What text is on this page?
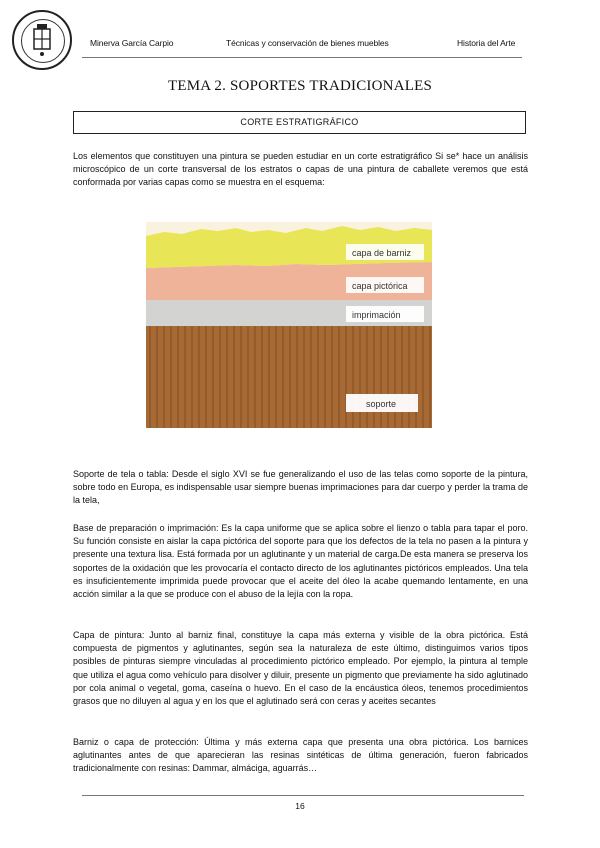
Minerva García Carpio	Técnicas y conservación de bienes muebles	Historia del Arte
TEMA 2. SOPORTES TRADICIONALES
CORTE ESTRATIGRÁFICO
Los elementos que constituyen una pintura se pueden estudiar en un corte estratigráfico Si se* hace un análisis microscópico de un corte transversal de los estratos o capas de una pintura de caballete veremos que está conformada por varias capas como se muestra en el esquema:
capa de barniz
capa pictórica
imprimación
soporte
Soporte de tela o tabla: Desde el siglo XVI se fue generalizando el uso de las telas como soporte de la pintura, sobre todo en Europa, es indispensable usar siempre buenas imprimaciones para dar cuerpo y perder la trama de la tela,
Base de preparación o imprimación: Es la capa uniforme que se aplica sobre el lienzo o tabla para tapar el poro. Su función consiste en aislar la capa pictórica del soporte para que los defectos de la tela no pasen a la pintura y presente una textura lisa. Está formada por un aglutinante y un material de carga.De esta manera se preserva los soportes de la oxidación que les provocaría el contacto directo de los aglutinantes pictóricos empleados. Una tela es insuficientemente imprimida puede provocar que el aceite del óleo la acabe quemando lentamente, en una acción similar a la que se produce con el abuso de la lejía con la ropa.
Capa de pintura: Junto al barniz final, constituye la capa más externa y visible de la obra pictórica. Está compuesta de pigmentos y aglutinantes, según sea la naturaleza de este último, distinguimos varios tipos posibles de pinturas siempre vinculadas al procedimiento pictórico empleado. Por ejemplo, la pintura al temple que utiliza el agua como vehículo para disolver y diluir, presente un pigmento que previamente ha sido aglutinado por cola animal o vegetal, goma, caseína o huevo. En el caso de la encáustica óleos, tenemos procedimientos grasos que no diluyen al agua y en los que el aglutinado será con ceras y aceites secantes
Barniz o capa de protección: Última y más externa capa que presenta una obra pictórica. Los barnices aglutinantes antes de que aparecieran las resinas sintéticas de última generación, fueron fabricados tradicionalmente con resinas: Dammar, almáciga, aguarrás…
16
